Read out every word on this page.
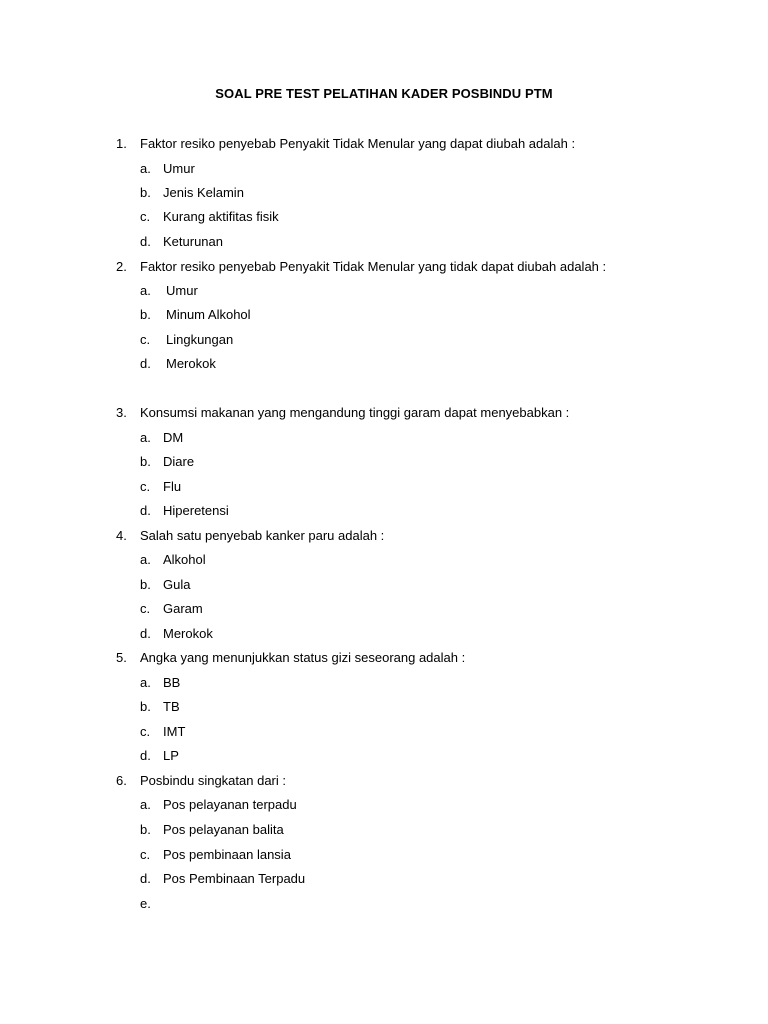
SOAL PRE TEST PELATIHAN KADER POSBINDU PTM
1. Faktor resiko penyebab Penyakit Tidak Menular yang dapat diubah adalah :
a. Umur
b. Jenis Kelamin
c. Kurang aktifitas fisik
d. Keturunan
2. Faktor resiko penyebab Penyakit Tidak Menular yang tidak dapat diubah adalah :
a. Umur
b. Minum Alkohol
c. Lingkungan
d. Merokok
3. Konsumsi makanan yang mengandung tinggi garam dapat menyebabkan :
a. DM
b. Diare
c. Flu
d. Hiperetensi
4. Salah satu penyebab kanker paru adalah :
a. Alkohol
b. Gula
c. Garam
d. Merokok
5. Angka yang menunjukkan status gizi seseorang adalah :
a. BB
b. TB
c. IMT
d. LP
6. Posbindu singkatan dari :
a. Pos pelayanan terpadu
b. Pos pelayanan balita
c. Pos pembinaan lansia
d. Pos Pembinaan Terpadu
e.
